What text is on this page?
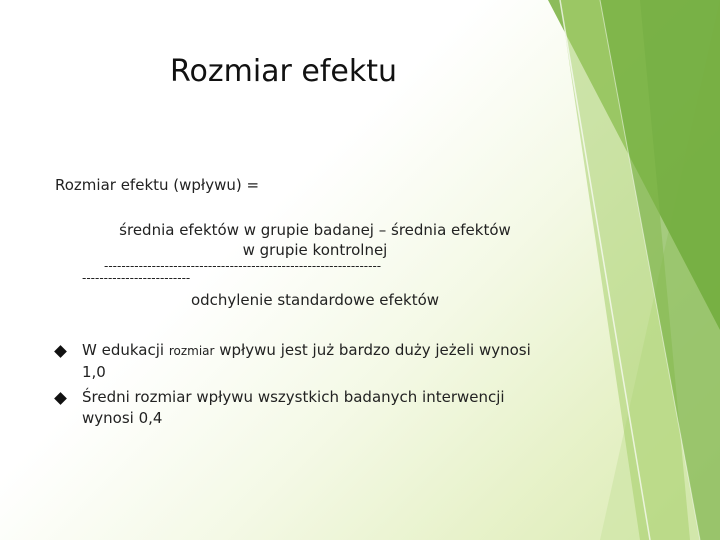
Rozmiar efektu
Rozmiar efektu (wpływu) =
średnia efektów w grupie badanej – średnia efektów
w grupie kontrolnej
----------------------------------------------------------------
-------------------------
odchylenie standardowe efektów
W edukacji rozmiar wpływu jest już bardzo duży jeżeli wynosi 1,0
Średni rozmiar wpływu wszystkich badanych interwencji wynosi 0,4
